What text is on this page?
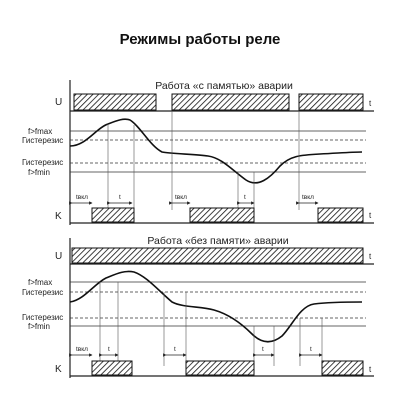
Режимы работы реле
Работа «с памятью» аварии
U	t
f>fmax
Гистерезис
Гистерезис
f>fmin
tвкл	t	tвкл	t	tвкл
K	t
Работа «без памяти» аварии
U	t
f>fmax
Гистерезис
Гистерезис
f>fmin
tвкл	t	t	t	t
K	t
